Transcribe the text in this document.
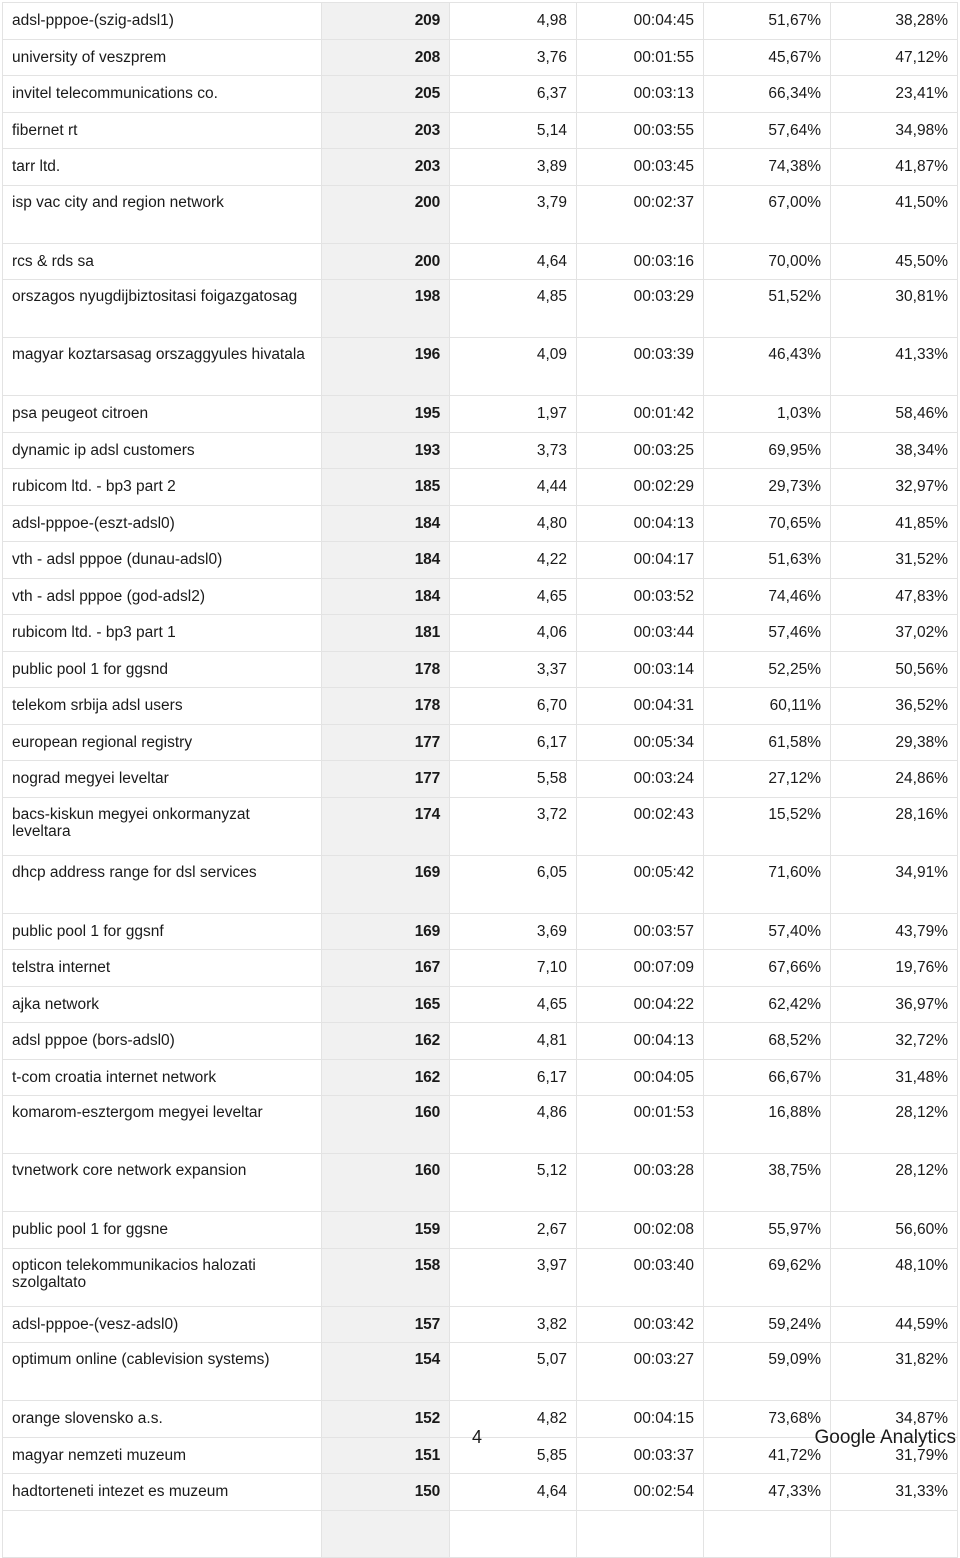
adsl-pppoe-(szig-adsl1)	209	4,98	00:04:45	51,67%	38,28%
university of veszprem	208	3,76	00:01:55	45,67%	47,12%
invitel telecommunications co.	205	6,37	00:03:13	66,34%	23,41%
fibernet rt	203	5,14	00:03:55	57,64%	34,98%
tarr ltd.	203	3,89	00:03:45	74,38%	41,87%
isp vac city and region network	200	3,79	00:02:37	67,00%	41,50%
rcs & rds sa	200	4,64	00:03:16	70,00%	45,50%
orszagos nyugdijbiztositasi foigazgatosag	198	4,85	00:03:29	51,52%	30,81%
magyar koztarsasag orszaggyules hivatala	196	4,09	00:03:39	46,43%	41,33%
psa peugeot citroen	195	1,97	00:01:42	1,03%	58,46%
dynamic ip adsl customers	193	3,73	00:03:25	69,95%	38,34%
rubicom ltd. - bp3 part 2	185	4,44	00:02:29	29,73%	32,97%
adsl-pppoe-(eszt-adsl0)	184	4,80	00:04:13	70,65%	41,85%
vth - adsl pppoe (dunau-adsl0)	184	4,22	00:04:17	51,63%	31,52%
vth - adsl pppoe (god-adsl2)	184	4,65	00:03:52	74,46%	47,83%
rubicom ltd. - bp3 part 1	181	4,06	00:03:44	57,46%	37,02%
public pool 1 for ggsnd	178	3,37	00:03:14	52,25%	50,56%
telekom srbija adsl users	178	6,70	00:04:31	60,11%	36,52%
european regional registry	177	6,17	00:05:34	61,58%	29,38%
nograd megyei leveltar	177	5,58	00:03:24	27,12%	24,86%
bacs-kiskun megyei onkormanyzat leveltara	174	3,72	00:02:43	15,52%	28,16%
dhcp address range for dsl services	169	6,05	00:05:42	71,60%	34,91%
public pool 1 for ggsnf	169	3,69	00:03:57	57,40%	43,79%
telstra internet	167	7,10	00:07:09	67,66%	19,76%
ajka network	165	4,65	00:04:22	62,42%	36,97%
adsl pppoe (bors-adsl0)	162	4,81	00:04:13	68,52%	32,72%
t-com croatia internet network	162	6,17	00:04:05	66,67%	31,48%
komarom-esztergom megyei leveltar	160	4,86	00:01:53	16,88%	28,12%
tvnetwork core network expansion	160	5,12	00:03:28	38,75%	28,12%
public pool 1 for ggsne	159	2,67	00:02:08	55,97%	56,60%
opticon telekommunikacios halozati szolgaltato	158	3,97	00:03:40	69,62%	48,10%
adsl-pppoe-(vesz-adsl0)	157	3,82	00:03:42	59,24%	44,59%
optimum online (cablevision systems)	154	5,07	00:03:27	59,09%	31,82%
orange slovensko a.s.	152	4,82	00:04:15	73,68%	34,87%
magyar nemzeti muzeum	151	5,85	00:03:37	41,72%	31,79%
hadtorteneti intezet es muzeum	150	4,64	00:02:54	47,33%	31,33%

4	Google Analytics
